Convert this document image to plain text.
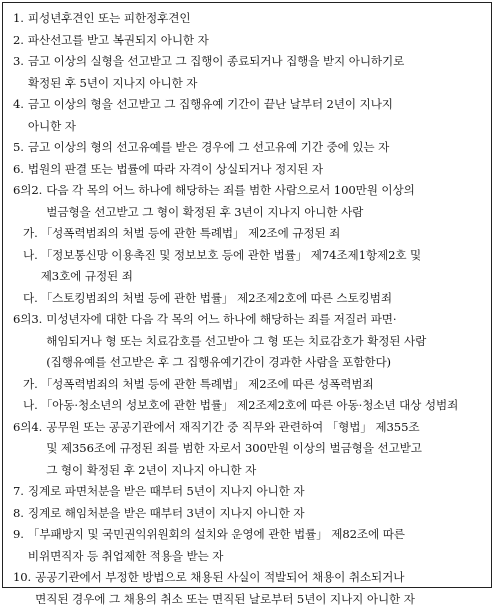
1. 피성년후견인 또는 피한정후견인
2. 파산선고를 받고 복권되지 아니한 자
3. 금고 이상의 실형을 선고받고 그 집행이 종료되거나 집행을 받지 아니하기로
확정된 후 5년이 지나지 아니한 자
4. 금고 이상의 형을 선고받고 그 집행유예 기간이 끝난 날부터 2년이 지나지
아니한 자
5. 금고 이상의 형의 선고유예를 받은 경우에 그 선고유예 기간 중에 있는 자
6. 법원의 판결 또는 법률에 따라 자격이 상실되거나 정지된 자
6의2. 다음 각 목의 어느 하나에 해당하는 죄를 범한 사람으로서 100만원 이상의
벌금형을 선고받고 그 형이 확정된 후 3년이 지나지 아니한 사람
가. 「성폭력범죄의 처벌 등에 관한 특례법」 제2조에 규정된 죄
나. 「정보통신망 이용촉진 및 정보보호 등에 관한 법률」 제74조제1항제2호 및
제3호에 규정된 죄
다. 「스토킹범죄의 처벌 등에 관한 법률」 제2조제2호에 따른 스토킹범죄
6의3. 미성년자에 대한 다음 각 목의 어느 하나에 해당하는 죄를 저질러 파면·
해임되거나 형 또는 치료감호를 선고받아 그 형 또는 치료감호가 확정된 사람
(집행유예를 선고받은 후 그 집행유예기간이 경과한 사람을 포함한다)
가. 「성폭력범죄의 처벌 등에 관한 특례법」 제2조에 따른 성폭력범죄
나. 「아동·청소년의 성보호에 관한 법률」 제2조제2호에 따른 아동·청소년 대상 성범죄
6의4. 공무원 또는 공공기관에서 재직기간 중 직무와 관련하여 「형법」 제355조
및 제356조에 규정된 죄를 범한 자로서 300만원 이상의 벌금형을 선고받고
그 형이 확정된 후 2년이 지나지 아니한 자
7. 징계로 파면처분을 받은 때부터 5년이 지나지 아니한 자
8. 징계로 해임처분을 받은 때부터 3년이 지나지 아니한 자
9. 「부패방지 및 국민권익위원회의 설치와 운영에 관한 법률」 제82조에 따른
비위면직자 등 취업제한 적용을 받는 자
10. 공공기관에서 부정한 방법으로 채용된 사실이 적발되어 채용이 취소되거나
면직된 경우에 그 채용의 취소 또는 면직된 날로부터 5년이 지나지 아니한 자
